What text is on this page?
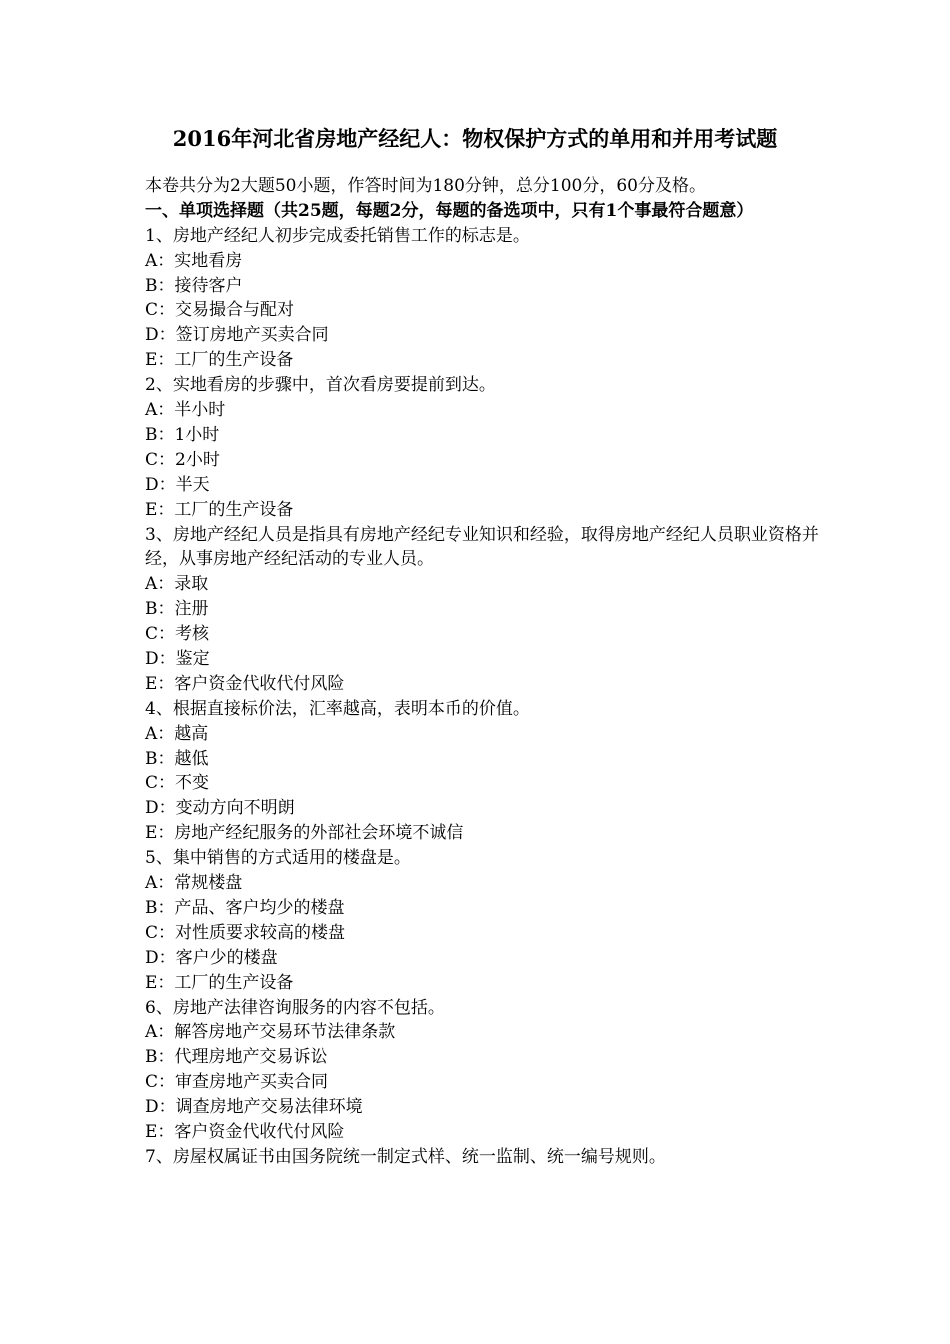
2016年河北省房地产经纪人：物权保护方式的单用和并用考试题
本卷共分为2大题50小题，作答时间为180分钟，总分100分，60分及格。
一、单项选择题（共25题，每题2分，每题的备选项中，只有1个事最符合题意）
1、房地产经纪人初步完成委托销售工作的标志是。
A：实地看房
B：接待客户
C：交易撮合与配对
D：签订房地产买卖合同
E：工厂的生产设备
2、实地看房的步骤中，首次看房要提前到达。
A：半小时
B：1小时
C：2小时
D：半天
E：工厂的生产设备
3、房地产经纪人员是指具有房地产经纪专业知识和经验，取得房地产经纪人员职业资格并经，从事房地产经纪活动的专业人员。
A：录取
B：注册
C：考核
D：鉴定
E：客户资金代收代付风险
4、根据直接标价法，汇率越高，表明本币的价值。
A：越高
B：越低
C：不变
D：变动方向不明朗
E：房地产经纪服务的外部社会环境不诚信
5、集中销售的方式适用的楼盘是。
A：常规楼盘
B：产品、客户均少的楼盘
C：对性质要求较高的楼盘
D：客户少的楼盘
E：工厂的生产设备
6、房地产法律咨询服务的内容不包括。
A：解答房地产交易环节法律条款
B：代理房地产交易诉讼
C：审查房地产买卖合同
D：调查房地产交易法律环境
E：客户资金代收代付风险
7、房屋权属证书由国务院统一制定式样、统一监制、统一编号规则。
